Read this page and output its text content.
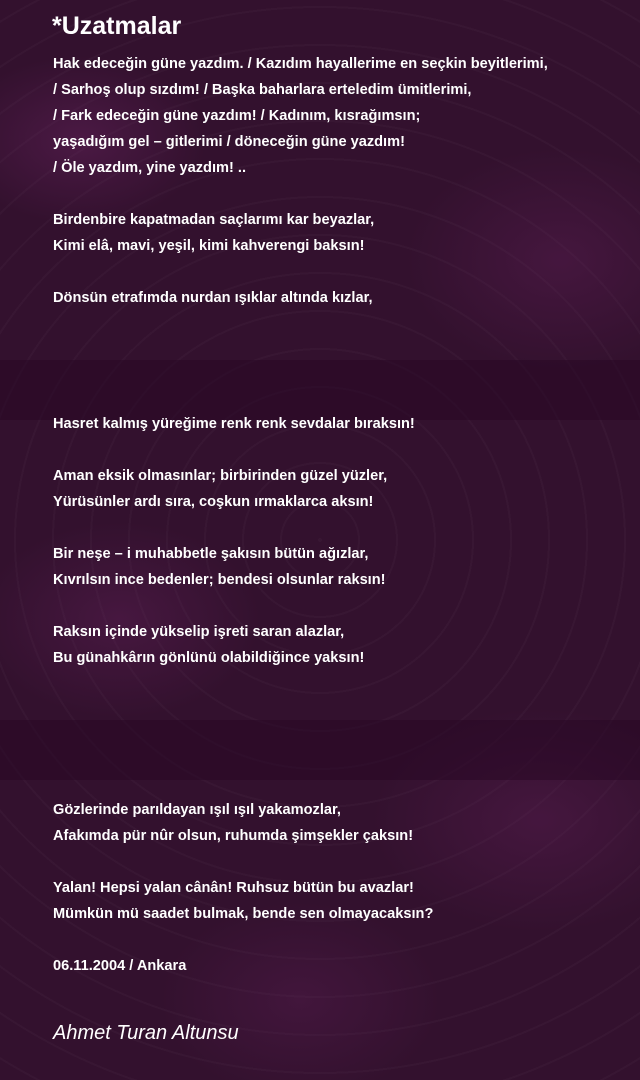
*Uzatmalar
Hak edeceğin güne yazdım. / Kazıdım hayallerime en seçkin beyitlerimi,
/ Sarhoş olup sızdım! / Başka baharlara erteledim ümitlerimi,
/ Fark edeceğin güne yazdım! / Kadınım, kısrağımsın;
yaşadığım gel – gitlerimi / döneceğin güne yazdım!
/ Öle yazdım, yine yazdım! ..
Birdenbire kapatmadan saçlarımı kar beyazlar,
Kimi elâ, mavi, yeşil, kimi kahverengi baksın!
Dönsün etrafımda nurdan ışıklar altında kızlar,
Hasret kalmış yüreğime renk renk sevdalar bıraksın!
Aman eksik olmasınlar; birbirinden güzel yüzler,
Yürüsünler ardı sıra, coşkun ırmaklarca aksın!
Bir neşe – i muhabbetle şakısın bütün ağızlar,
Kıvrılsın ince bedenler; bendesi olsunlar raksın!
Raksın içinde yükselip işreti saran alazlar,
Bu günahkârın gönlünü olabildiğince yaksın!
Gözlerinde parıldayan ışıl ışıl yakamozlar,
Afakımda pür nûr olsun, ruhumda şimşekler çaksın!
Yalan! Hepsi yalan cânân! Ruhsuz bütün bu avazlar!
Mümkün mü saadet bulmak, bende sen olmayacaksın?
06.11.2004 / Ankara
Ahmet Turan Altunsu
